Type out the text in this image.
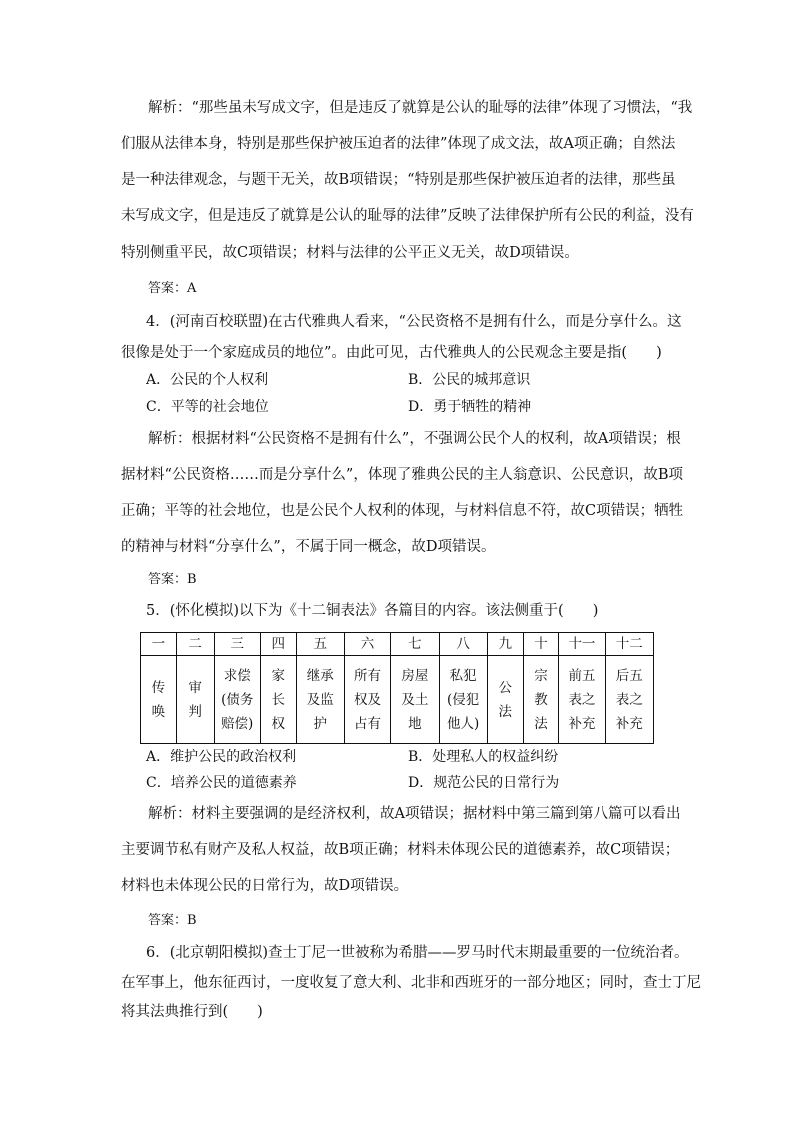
解析：“那些虽未写成文字，但是违反了就算是公认的耻辱的法律”体现了习惯法，“我
们服从法律本身，特别是那些保护被压迫者的法律”体现了成文法，故A项正确；自然法
是一种法律观念，与题干无关，故B项错误；“特别是那些保护被压迫者的法律，那些虽
未写成文字，但是违反了就算是公认的耻辱的法律”反映了法律保护所有公民的利益，没有
特别侧重平民，故C项错误；材料与法律的公平正义无关，故D项错误。
答案：A
4．(河南百校联盟)在古代雅典人看来，“公民资格不是拥有什么，而是分享什么。这
很像是处于一个家庭成员的地位”。由此可见，古代雅典人的公民观念主要是指(　　)
A．公民的个人权利	B．公民的城邦意识
C．平等的社会地位	D．勇于牺牲的精神
解析：根据材料“公民资格不是拥有什么”，不强调公民个人的权利，故A项错误；根
据材料“公民资格……而是分享什么”，体现了雅典公民的主人翁意识、公民意识，故B项
正确；平等的社会地位，也是公民个人权利的体现，与材料信息不符，故C项错误；牺牲
的精神与材料“分享什么”，不属于同一概念，故D项错误。
答案：B
5．(怀化模拟)以下为《十二铜表法》各篇目的内容。该法侧重于(　　)
一	二	三	四	五	六	七	八	九	十	十一	十二
传唤	审判	求偿(债务赔偿)	家长权	继承及监护	所有权及占有	房屋及土地	私犯(侵犯他人)	公法	宗教法	前五表之补充	后五表之补充
A．维护公民的政治权利	B．处理私人的权益纠纷
C．培养公民的道德素养	D．规范公民的日常行为
解析：材料主要强调的是经济权利，故A项错误；据材料中第三篇到第八篇可以看出
主要调节私有财产及私人权益，故B项正确；材料未体现公民的道德素养，故C项错误；
材料也未体现公民的日常行为，故D项错误。
答案：B
6．(北京朝阳模拟)查士丁尼一世被称为希腊——罗马时代末期最重要的一位统治者。
在军事上，他东征西讨，一度收复了意大利、北非和西班牙的一部分地区；同时，查士丁尼
将其法典推行到(　　)
